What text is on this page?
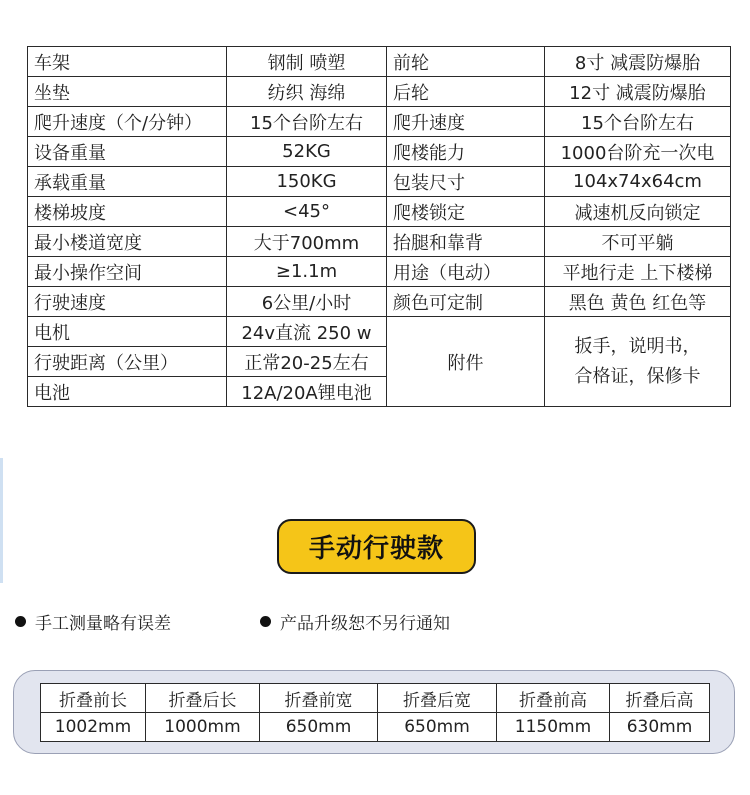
车架	钢制 喷塑	前轮	8寸 减震防爆胎
坐垫	纺织 海绵	后轮	12寸 减震防爆胎
爬升速度（个/分钟）	15个台阶左右	爬升速度	15个台阶左右
设备重量	52KG	爬楼能力	1000台阶充一次电
承载重量	150KG	包装尺寸	104x74x64cm
楼梯坡度	<45°	爬楼锁定	减速机反向锁定
最小楼道宽度	大于700mm	抬腿和靠背	不可平躺
最小操作空间	≥1.1m	用途（电动）	平地行走 上下楼梯
行驶速度	6公里/小时	颜色可定制	黑色 黄色 红色等
电机	24v直流 250 w	附件	扳手，说明书，
合格证，保修卡

行驶距离（公里）	正常20-25左右		
电池	12A/20A锂电池		
手动行驶款
手工测量略有误差	产品升级恕不另行通知
折叠前长	折叠后长	折叠前宽	折叠后宽	折叠前高	折叠后高
1002mm	1000mm	650mm	650mm	1150mm	630mm
